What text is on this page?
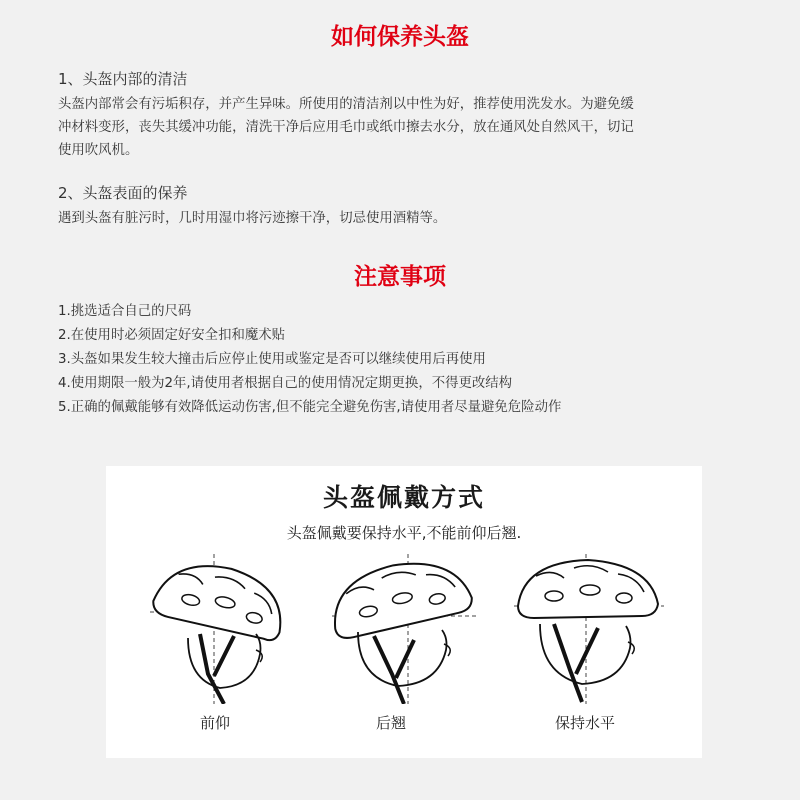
如何保养头盔
1、头盔内部的清洁
头盔内部常会有污垢积存，并产生异味。所使用的清洁剂以中性为好，推荐使用洗发水。为避免缓
冲材料变形，丧失其缓冲功能，清洗干净后应用毛巾或纸巾擦去水分，放在通风处自然风干，切记
使用吹风机。
2、头盔表面的保养
遇到头盔有脏污时，几时用湿巾将污迹擦干净，切忌使用酒精等。
注意事项
1.挑选适合自己的尺码
2.在使用时必须固定好安全扣和魔术贴
3.头盔如果发生较大撞击后应停止使用或鉴定是否可以继续使用后再使用
4.使用期限一般为2年,请使用者根据自己的使用情况定期更换，不得更改结构
5.正确的佩戴能够有效降低运动伤害,但不能完全避免伤害,请使用者尽量避免危险动作
头盔佩戴方式
头盔佩戴要保持水平,不能前仰后翘.
前仰	后翘	保持水平
